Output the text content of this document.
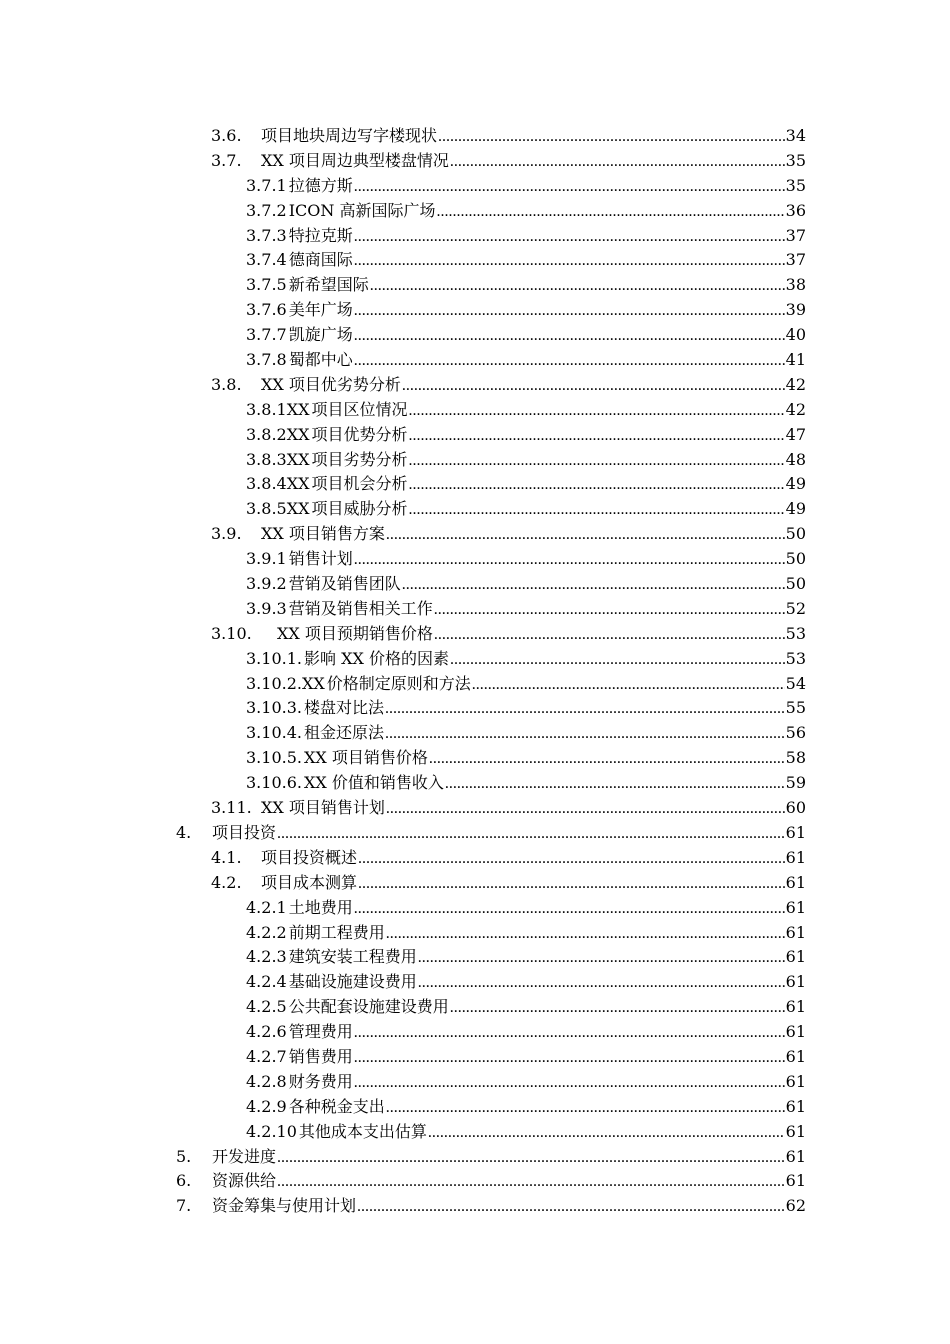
3.6.	项目地块周边写字楼现状 .....	34
3.7.	XX 项目周边典型楼盘情况 .....	35
3.7.1 拉德方斯 .....	35
3.7.2 ICON 高新国际广场 .....	36
3.7.3 特拉克斯 .....	37
3.7.4 德商国际 .....	37
3.7.5 新希望国际 .....	38
3.7.6 美年广场 .....	39
3.7.7 凯旋广场 .....	40
3.7.8 蜀都中心 .....	41
3.8.	XX 项目优劣势分析 .....	42
3.8.1XX 项目区位情况 .....	42
3.8.2XX 项目优势分析 .....	47
3.8.3XX 项目劣势分析 .....	48
3.8.4XX 项目机会分析 .....	49
3.8.5XX 项目威胁分析 .....	49
3.9.	XX 项目销售方案 .....	50
3.9.1 销售计划 .....	50
3.9.2 营销及销售团队 .....	50
3.9.3 营销及销售相关工作 .....	52
3.10.	XX 项目预期销售价格 .....	53
3.10.1. 影响 XX 价格的因素 .....	53
3.10.2.XX 价格制定原则和方法 .....	54
3.10.3. 楼盘对比法 .....	55
3.10.4. 租金还原法 .....	56
3.10.5. XX 项目销售价格 .....	58
3.10.6. XX 价值和销售收入 .....	59
3.11. XX 项目销售计划 .....	60
4.	项目投资 .....	61
4.1.	项目投资概述 .....	61
4.2.	项目成本测算 .....	61
4.2.1 土地费用 .....	61
4.2.2 前期工程费用 .....	61
4.2.3 建筑安装工程费用 .....	61
4.2.4 基础设施建设费用 .....	61
4.2.5 公共配套设施建设费用 .....	61
4.2.6 管理费用 .....	61
4.2.7 销售费用 .....	61
4.2.8 财务费用 .....	61
4.2.9 各种税金支出 .....	61
4.2.10 其他成本支出估算 .....	61
5.	开发进度 .....	61
6.	资源供给 .....	61
7.	资金筹集与使用计划 .....	62
